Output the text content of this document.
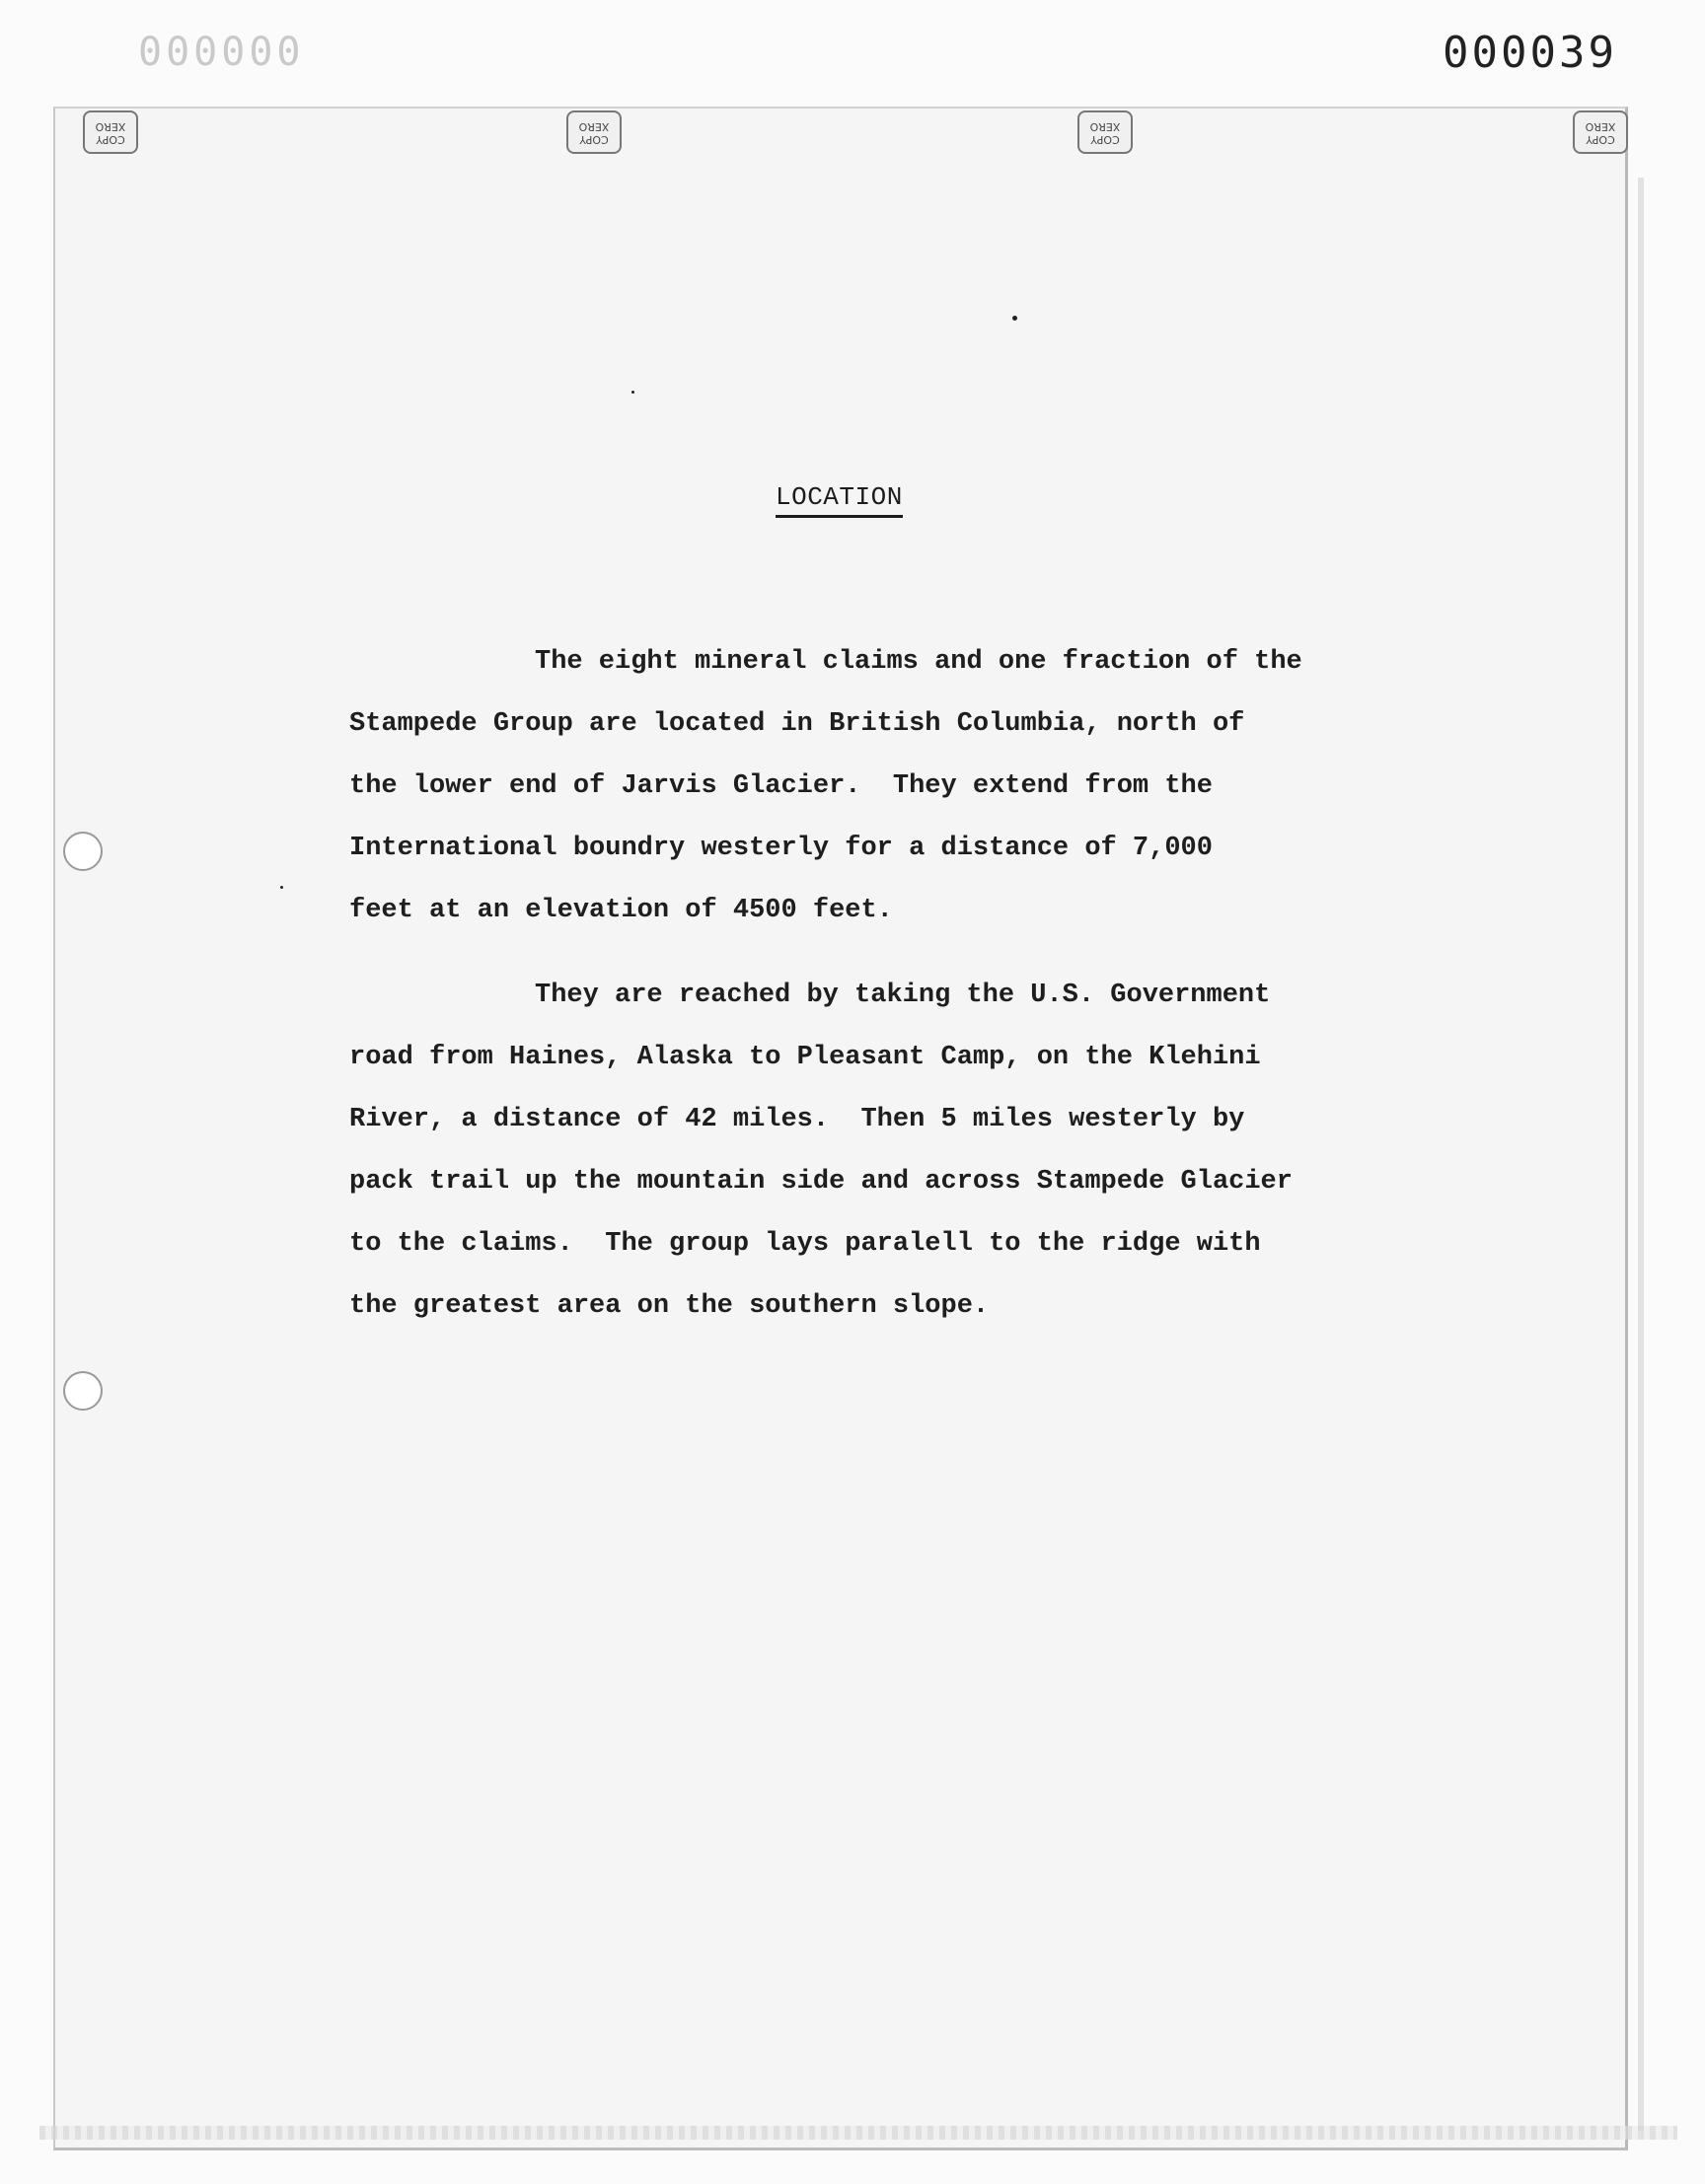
000000	000039
COPY
XERO
COPY
XERO
COPY
XERO
COPY
XERO
LOCATION

The eight mineral claims and one fraction of the
Stampede Group are located in British Columbia, north of
the lower end of Jarvis Glacier.  They extend from the
International boundry westerly for a distance of 7,000
feet at an elevation of 4500 feet.

They are reached by taking the U.S. Government
road from Haines, Alaska to Pleasant Camp, on the Klehini
River, a distance of 42 miles.  Then 5 miles westerly by
pack trail up the mountain side and across Stampede Glacier
to the claims.  The group lays paralell to the ridge with
the greatest area on the southern slope.
